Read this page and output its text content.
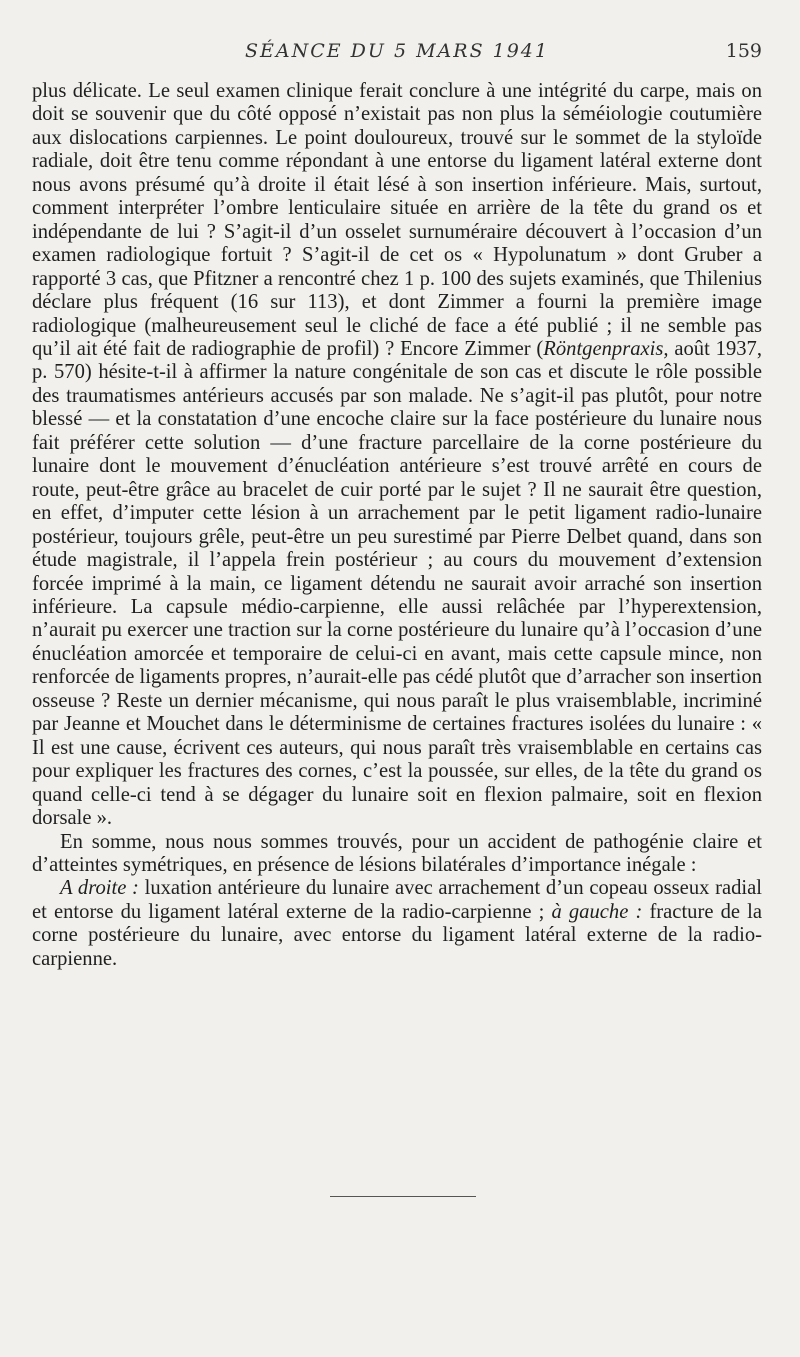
SÉANCE DU 5 MARS 1941	159

plus délicate. Le seul examen clinique ferait conclure à une intégrité du carpe, mais on doit se souvenir que du côté opposé n’existait pas non plus la séméiologie coutumière aux dislocations carpiennes. Le point douloureux, trouvé sur le sommet de la styloïde radiale, doit être tenu comme répondant à une entorse du ligament latéral externe dont nous avons présumé qu’à droite il était lésé à son insertion inférieure. Mais, surtout, comment interpréter l’ombre lenticulaire située en arrière de la tête du grand os et indépendante de lui ? S’agit-il d’un osselet surnuméraire découvert à l’occasion d’un examen radiologique fortuit ? S’agit-il de cet os « Hypolunatum » dont Gruber a rapporté 3 cas, que Pfitzner a rencontré chez 1 p. 100 des sujets examinés, que Thilenius déclare plus fréquent (16 sur 113), et dont Zimmer a fourni la première image radiologique (malheureusement seul le cliché de face a été publié ; il ne semble pas qu’il ait été fait de radiographie de profil) ? Encore Zimmer (Röntgenpraxis, août 1937, p. 570) hésite-t-il à affirmer la nature congénitale de son cas et discute le rôle possible des traumatismes antérieurs accusés par son malade. Ne s’agit-il pas plutôt, pour notre blessé — et la constatation d’une encoche claire sur la face postérieure du lunaire nous fait préférer cette solution — d’une fracture parcellaire de la corne postérieure du lunaire dont le mouvement d’énucléation antérieure s’est trouvé arrêté en cours de route, peut-être grâce au bracelet de cuir porté par le sujet ? Il ne saurait être question, en effet, d’imputer cette lésion à un arrachement par le petit ligament radio-lunaire postérieur, toujours grêle, peut-être un peu surestimé par Pierre Delbet quand, dans son étude magistrale, il l’appela frein postérieur ; au cours du mouvement d’extension forcée imprimé à la main, ce ligament détendu ne saurait avoir arraché son insertion inférieure. La capsule médio-carpienne, elle aussi relâchée par l’hyperextension, n’aurait pu exercer une traction sur la corne postérieure du lunaire qu’à l’occasion d’une énucléation amorcée et temporaire de celui-ci en avant, mais cette capsule mince, non renforcée de ligaments propres, n’aurait-elle pas cédé plutôt que d’arracher son insertion osseuse ? Reste un dernier mécanisme, qui nous paraît le plus vraisemblable, incriminé par Jeanne et Mouchet dans le déterminisme de certaines fractures isolées du lunaire : « Il est une cause, écrivent ces auteurs, qui nous paraît très vraisemblable en certains cas pour expliquer les fractures des cornes, c’est la poussée, sur elles, de la tête du grand os quand celle-ci tend à se dégager du lunaire soit en flexion palmaire, soit en flexion dorsale ».

En somme, nous nous sommes trouvés, pour un accident de pathogénie claire et d’atteintes symétriques, en présence de lésions bilatérales d’importance inégale :

A droite : luxation antérieure du lunaire avec arrachement d’un copeau osseux radial et entorse du ligament latéral externe de la radio-carpienne ; à gauche : fracture de la corne postérieure du lunaire, avec entorse du ligament latéral externe de la radio-carpienne.
